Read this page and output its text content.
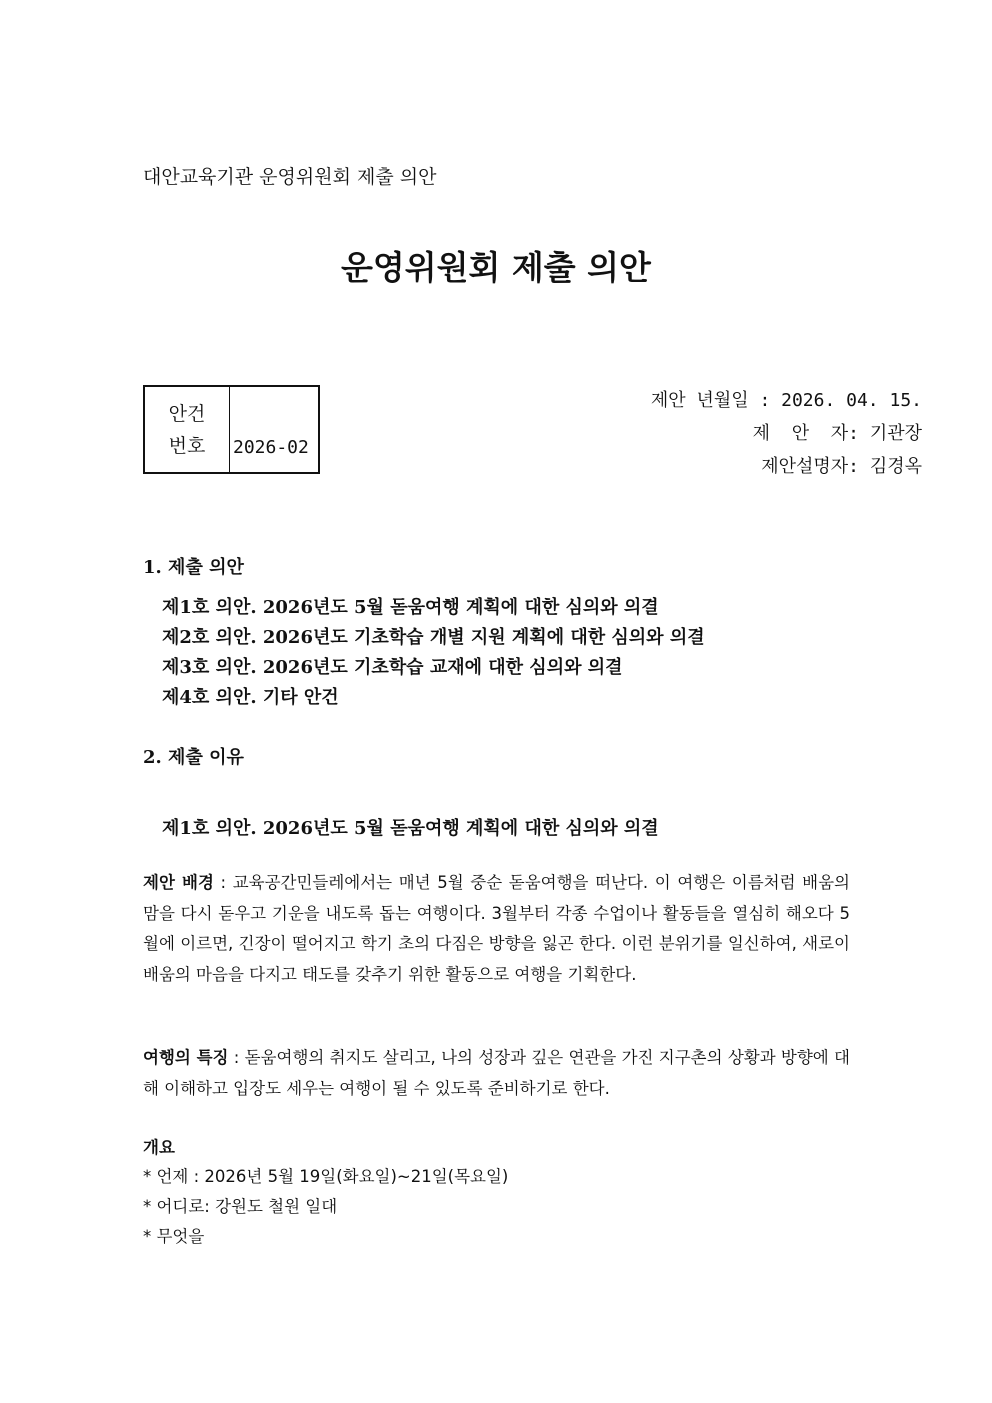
대안교육기관 운영위원회 제출 의안
운영위원회 제출 의안
안건
번호 2026-02
제안 년월일 : 2026. 04. 15.
제  안  자: 기관장
제안설명자: 김경옥
1. 제출 의안
제1호 의안. 2026년도 5월 돋움여행 계획에 대한 심의와 의결
제2호 의안. 2026년도 기초학습 개별 지원 계획에 대한 심의와 의결
제3호 의안. 2026년도 기초학습 교재에 대한 심의와 의결
제4호 의안. 기타 안건
2. 제출 이유
제1호 의안. 2026년도 5월 돋움여행 계획에 대한 심의와 의결
제안 배경 : 교육공간민들레에서는 매년 5월 중순 돋움여행을 떠난다. 이 여행은 이름처럼 배움의 맘을 다시 돋우고 기운을 내도록 돕는 여행이다. 3월부터 각종 수업이나 활동들을 열심히 해오다 5월에 이르면, 긴장이 떨어지고 학기 초의 다짐은 방향을 잃곤 한다. 이런 분위기를 일신하여, 새로이 배움의 마음을 다지고 태도를 갖추기 위한 활동으로 여행을 기획한다.
여행의 특징 : 돋움여행의 취지도 살리고, 나의 성장과 깊은 연관을 가진 지구촌의 상황과 방향에 대해 이해하고 입장도 세우는 여행이 될 수 있도록 준비하기로 한다.
개요
* 언제 : 2026년 5월 19일(화요일)~21일(목요일)
* 어디로: 강원도 철원 일대
* 무엇을
